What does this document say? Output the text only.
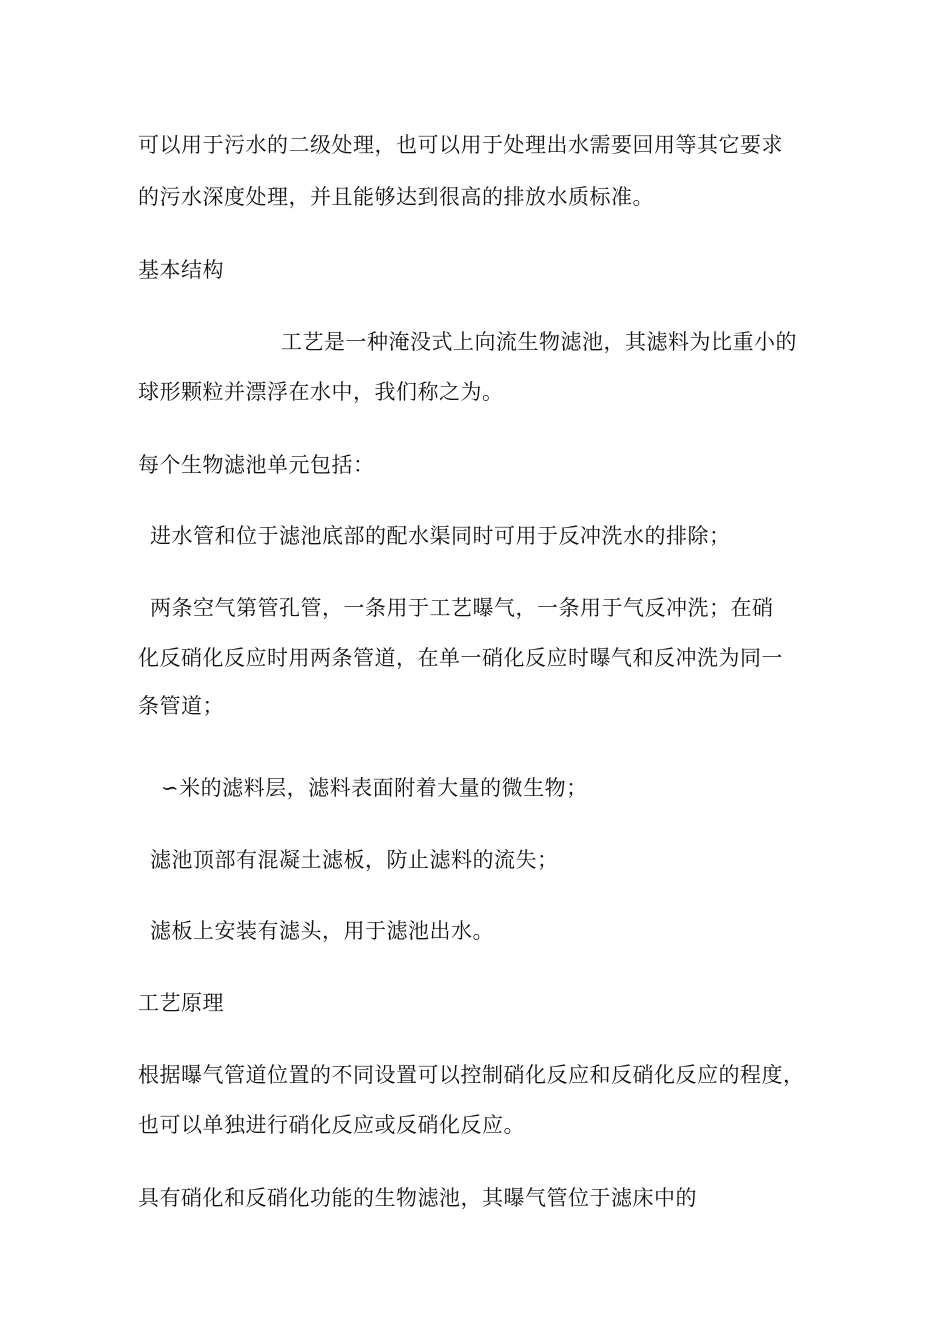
可以用于污水的二级处理，也可以用于处理出水需要回用等其它要求
的污水深度处理，并且能够达到很高的排放水质标准。
基本结构
工艺是一种淹没式上向流生物滤池，其滤料为比重小的
球形颗粒并漂浮在水中，我们称之为。
每个生物滤池单元包括：
进水管和位于滤池底部的配水渠同时可用于反冲洗水的排除；
两条空气第管孔管，一条用于工艺曝气，一条用于气反冲洗；在硝
化反硝化反应时用两条管道，在单一硝化反应时曝气和反冲洗为同一
条管道；
∽米的滤料层，滤料表面附着大量的微生物；
滤池顶部有混凝土滤板，防止滤料的流失；
滤板上安装有滤头，用于滤池出水。
工艺原理
根据曝气管道位置的不同设置可以控制硝化反应和反硝化反应的程度，
也可以单独进行硝化反应或反硝化反应。
具有硝化和反硝化功能的生物滤池，其曝气管位于滤床中的
